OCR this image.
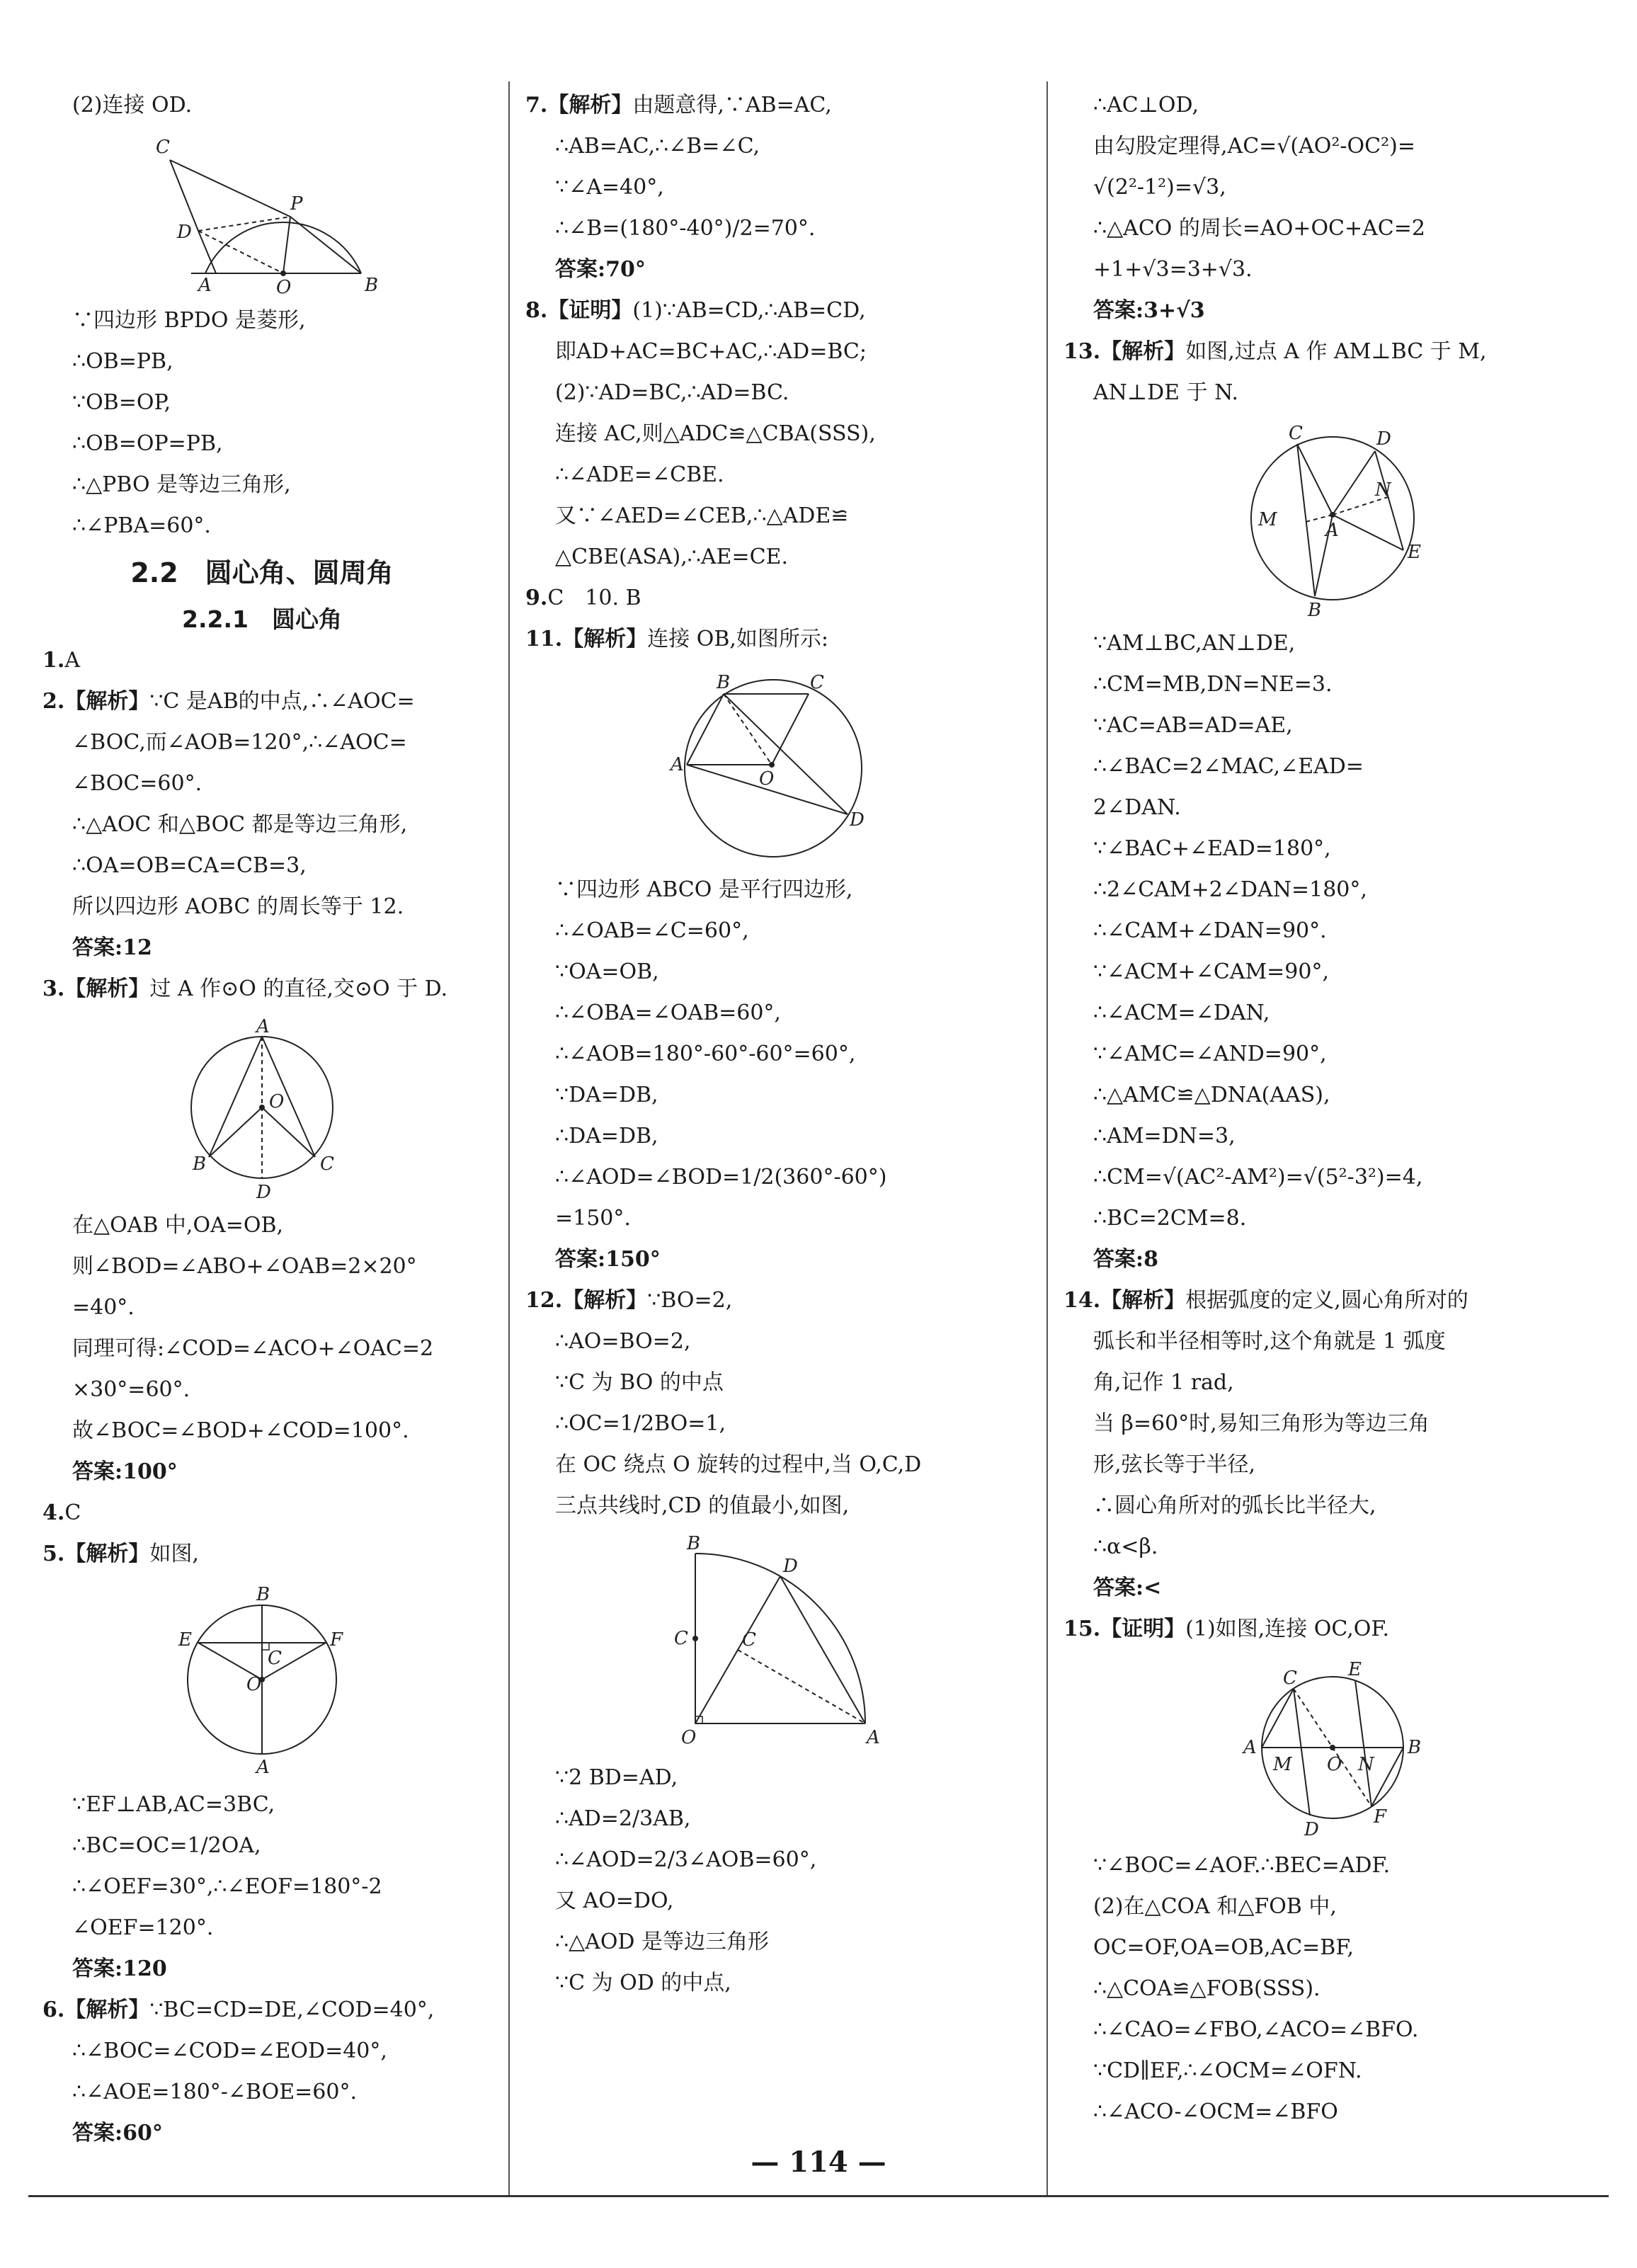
(2)连接 OD.
C
D
P
A	O	B
∵四边形 BPDO 是菱形,
∴OB=PB,
∵OB=OP,
∴OB=OP=PB,
∴△PBO 是等边三角形,
∴∠PBA=60°.
2.2　圆心角、圆周角
2.2.1　圆心角
1.A
2.【解析】∵C 是AB的中点,∴∠AOC=
∠BOC,而∠AOB=120°,∴∠AOC=
∠BOC=60°.
∴△AOC 和△BOC 都是等边三角形,
∴OA=OB=CA=CB=3,
所以四边形 AOBC 的周长等于 12.
答案:12
3.【解析】过 A 作⊙O 的直径,交⊙O 于 D.
A
O
B	C
D
在△OAB 中,OA=OB,
则∠BOD=∠ABO+∠OAB=2×20°
=40°.
同理可得:∠COD=∠ACO+∠OAC=2
×30°=60°.
故∠BOC=∠BOD+∠COD=100°.
答案:100°
4.C
5.【解析】如图,
B
E	F
C
O
A
∵EF⊥AB,AC=3BC,
∴BC=OC=1/2OA,
∴∠OEF=30°,∴∠EOF=180°-2
∠OEF=120°.
答案:120
6.【解析】∵BC=CD=DE,∠COD=40°,
∴∠BOC=∠COD=∠EOD=40°,
∴∠AOE=180°-∠BOE=60°.
答案:60°
7.【解析】由题意得,∵AB=AC,
∴AB=AC,∴∠B=∠C,
∵∠A=40°,
∴∠B=(180°-40°)/2=70°.
答案:70°
8.【证明】(1)∵AB=CD,∴AB=CD,
即AD+AC=BC+AC,∴AD=BC;
(2)∵AD=BC,∴AD=BC.
连接 AC,则△ADC≌△CBA(SSS),
∴∠ADE=∠CBE.
又∵∠AED=∠CEB,∴△ADE≌
△CBE(ASA),∴AE=CE.
9.C　10. B
11.【解析】连接 OB,如图所示:
B	C
A
O
D
∵四边形 ABCO 是平行四边形,
∴∠OAB=∠C=60°,
∵OA=OB,
∴∠OBA=∠OAB=60°,
∴∠AOB=180°-60°-60°=60°,
∵DA=DB,
∴DA=DB,
∴∠AOD=∠BOD=1/2(360°-60°)
=150°.
答案:150°
12.【解析】∵BO=2,
∴AO=BO=2,
∵C 为 BO 的中点
∴OC=1/2BO=1,
在 OC 绕点 O 旋转的过程中,当 O,C,D
三点共线时,CD 的值最小,如图,
B
D
C	C
O	A
∵2 BD=AD,
∴AD=2/3AB,
∴∠AOD=2/3∠AOB=60°,
又 AO=DO,
∴△AOD 是等边三角形
∵C 为 OD 的中点,
∴AC⊥OD,
由勾股定理得,AC=√(AO²-OC²)=
√(2²-1²)=√3,
∴△ACO 的周长=AO+OC+AC=2
+1+√3=3+√3.
答案:3+√3
13.【解析】如图,过点 A 作 AM⊥BC 于 M,
AN⊥DE 于 N.
C	D
N
M	A
E
B
∵AM⊥BC,AN⊥DE,
∴CM=MB,DN=NE=3.
∵AC=AB=AD=AE,
∴∠BAC=2∠MAC,∠EAD=
2∠DAN.
∵∠BAC+∠EAD=180°,
∴2∠CAM+2∠DAN=180°,
∴∠CAM+∠DAN=90°.
∵∠ACM+∠CAM=90°,
∴∠ACM=∠DAN,
∵∠AMC=∠AND=90°,
∴△AMC≌△DNA(AAS),
∴AM=DN=3,
∴CM=√(AC²-AM²)=√(5²-3²)=4,
∴BC=2CM=8.
答案:8
14.【解析】根据弧度的定义,圆心角所对的
弧长和半径相等时,这个角就是 1 弧度
角,记作 1 rad,
当 β=60°时,易知三角形为等边三角
形,弦长等于半径,
∴圆心角所对的弧长比半径大,
∴α<β.
答案:<
15.【证明】(1)如图,连接 OC,OF.
E
C
A
M O N
B
F
D
∵∠BOC=∠AOF.∴BEC=ADF.
(2)在△COA 和△FOB 中,
OC=OF,OA=OB,AC=BF,
∴△COA≌△FOB(SSS).
∴∠CAO=∠FBO,∠ACO=∠BFO.
∵CD∥EF,∴∠OCM=∠OFN.
∴∠ACO-∠OCM=∠BFO
— 114 —
